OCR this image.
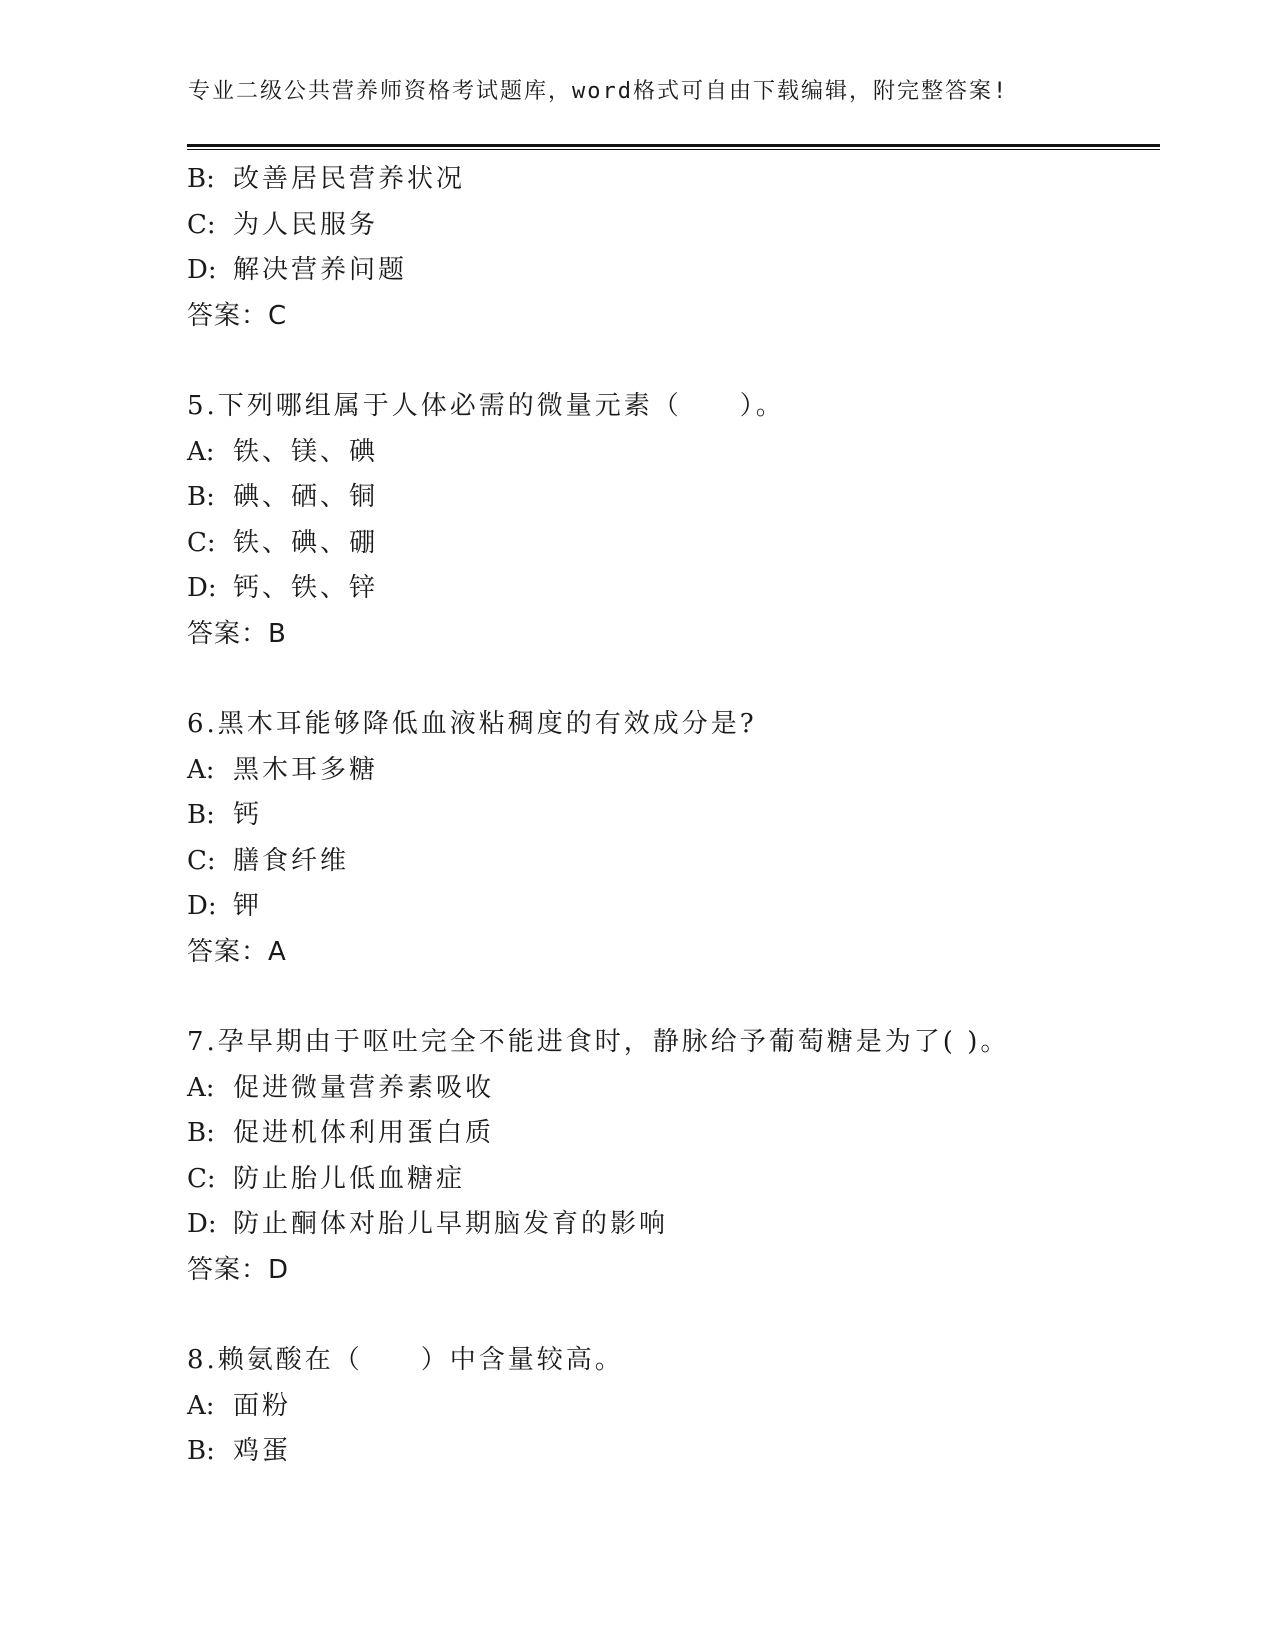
专业二级公共营养师资格考试题库，word格式可自由下载编辑，附完整答案!
B: 改善居民营养状况
C: 为人民服务
D: 解决营养问题
答案：C
5.下列哪组属于人体必需的微量元素（　　）。
A: 铁、镁、碘
B: 碘、硒、铜
C: 铁、碘、硼
D: 钙、铁、锌
答案：B
6.黑木耳能够降低血液粘稠度的有效成分是?
A: 黑木耳多糖
B: 钙
C: 膳食纤维
D: 钾
答案：A
7.孕早期由于呕吐完全不能进食时，静脉给予葡萄糖是为了( )。
A: 促进微量营养素吸收
B: 促进机体利用蛋白质
C: 防止胎儿低血糖症
D: 防止酮体对胎儿早期脑发育的影响
答案：D
8.赖氨酸在（　　）中含量较高。
A: 面粉
B: 鸡蛋
